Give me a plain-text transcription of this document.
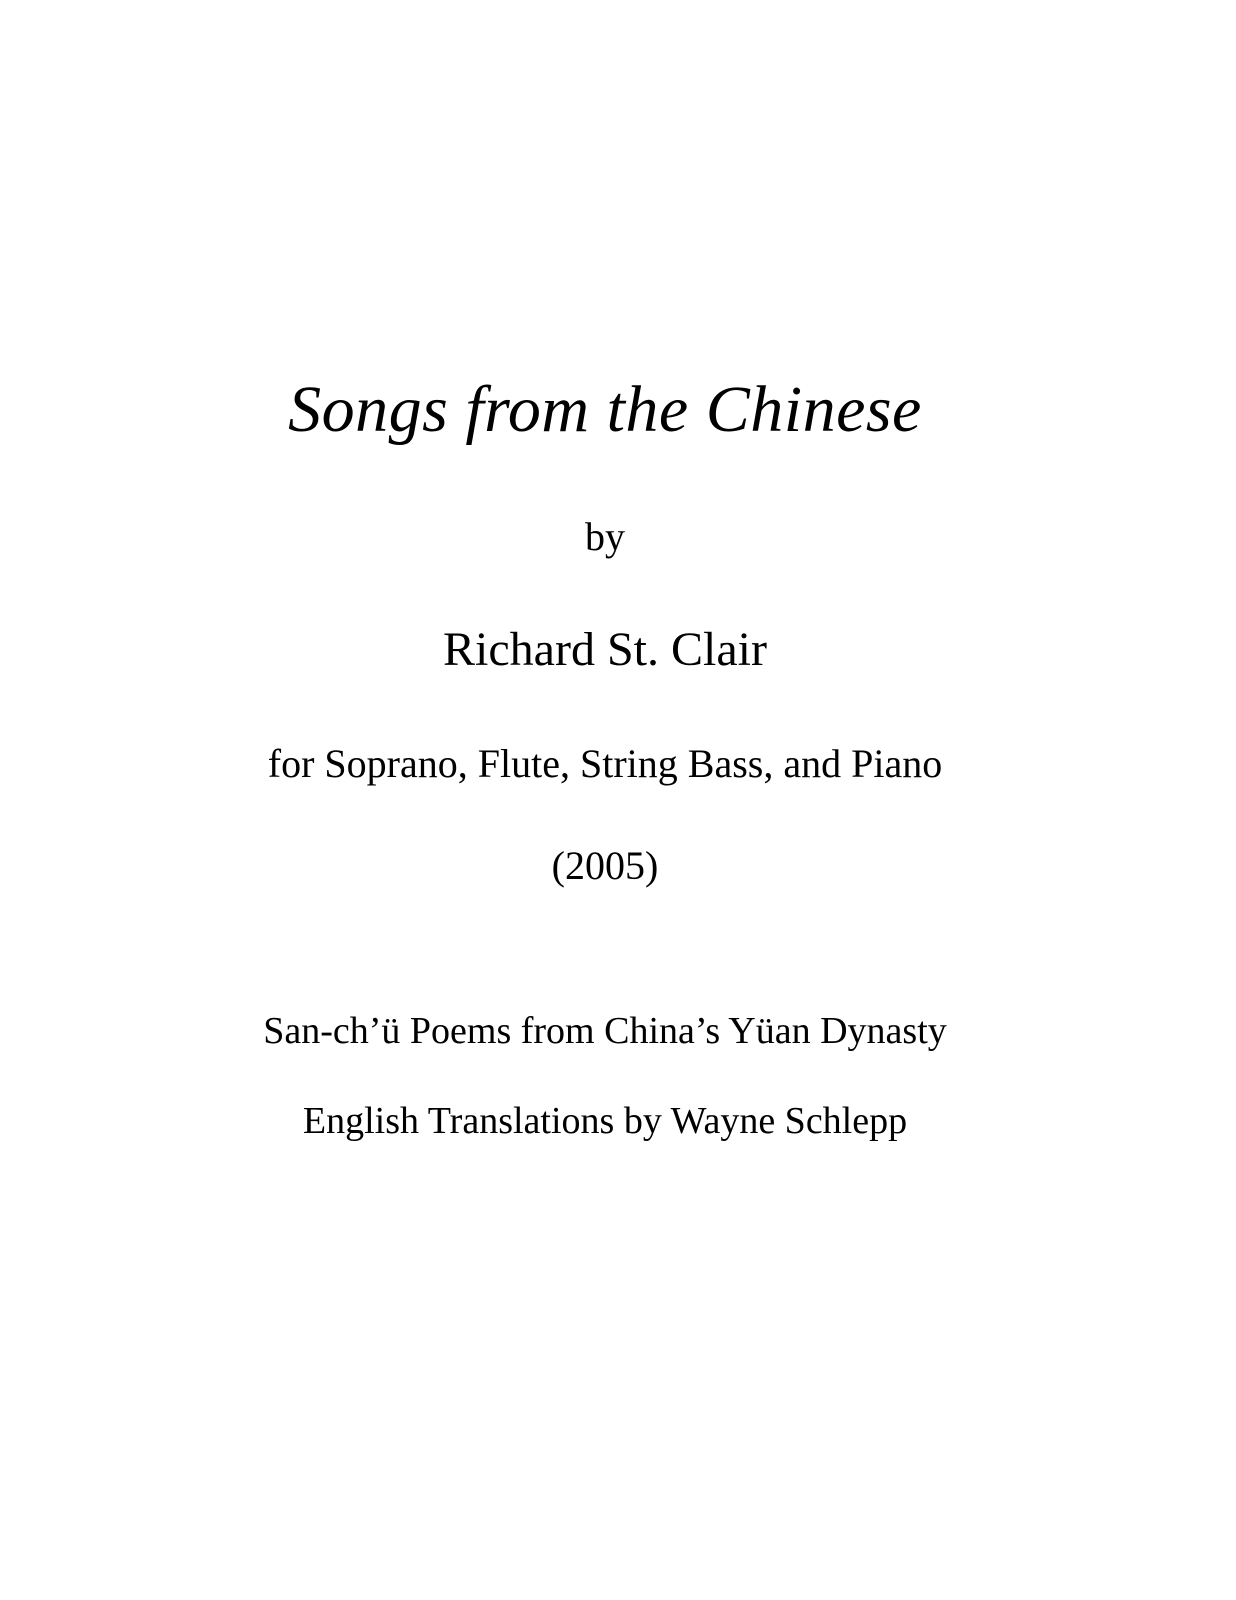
Songs from the Chinese
by
Richard St. Clair
for Soprano, Flute, String Bass, and Piano
(2005)
San-ch’ü Poems from China’s Yüan Dynasty
English Translations by Wayne Schlepp
